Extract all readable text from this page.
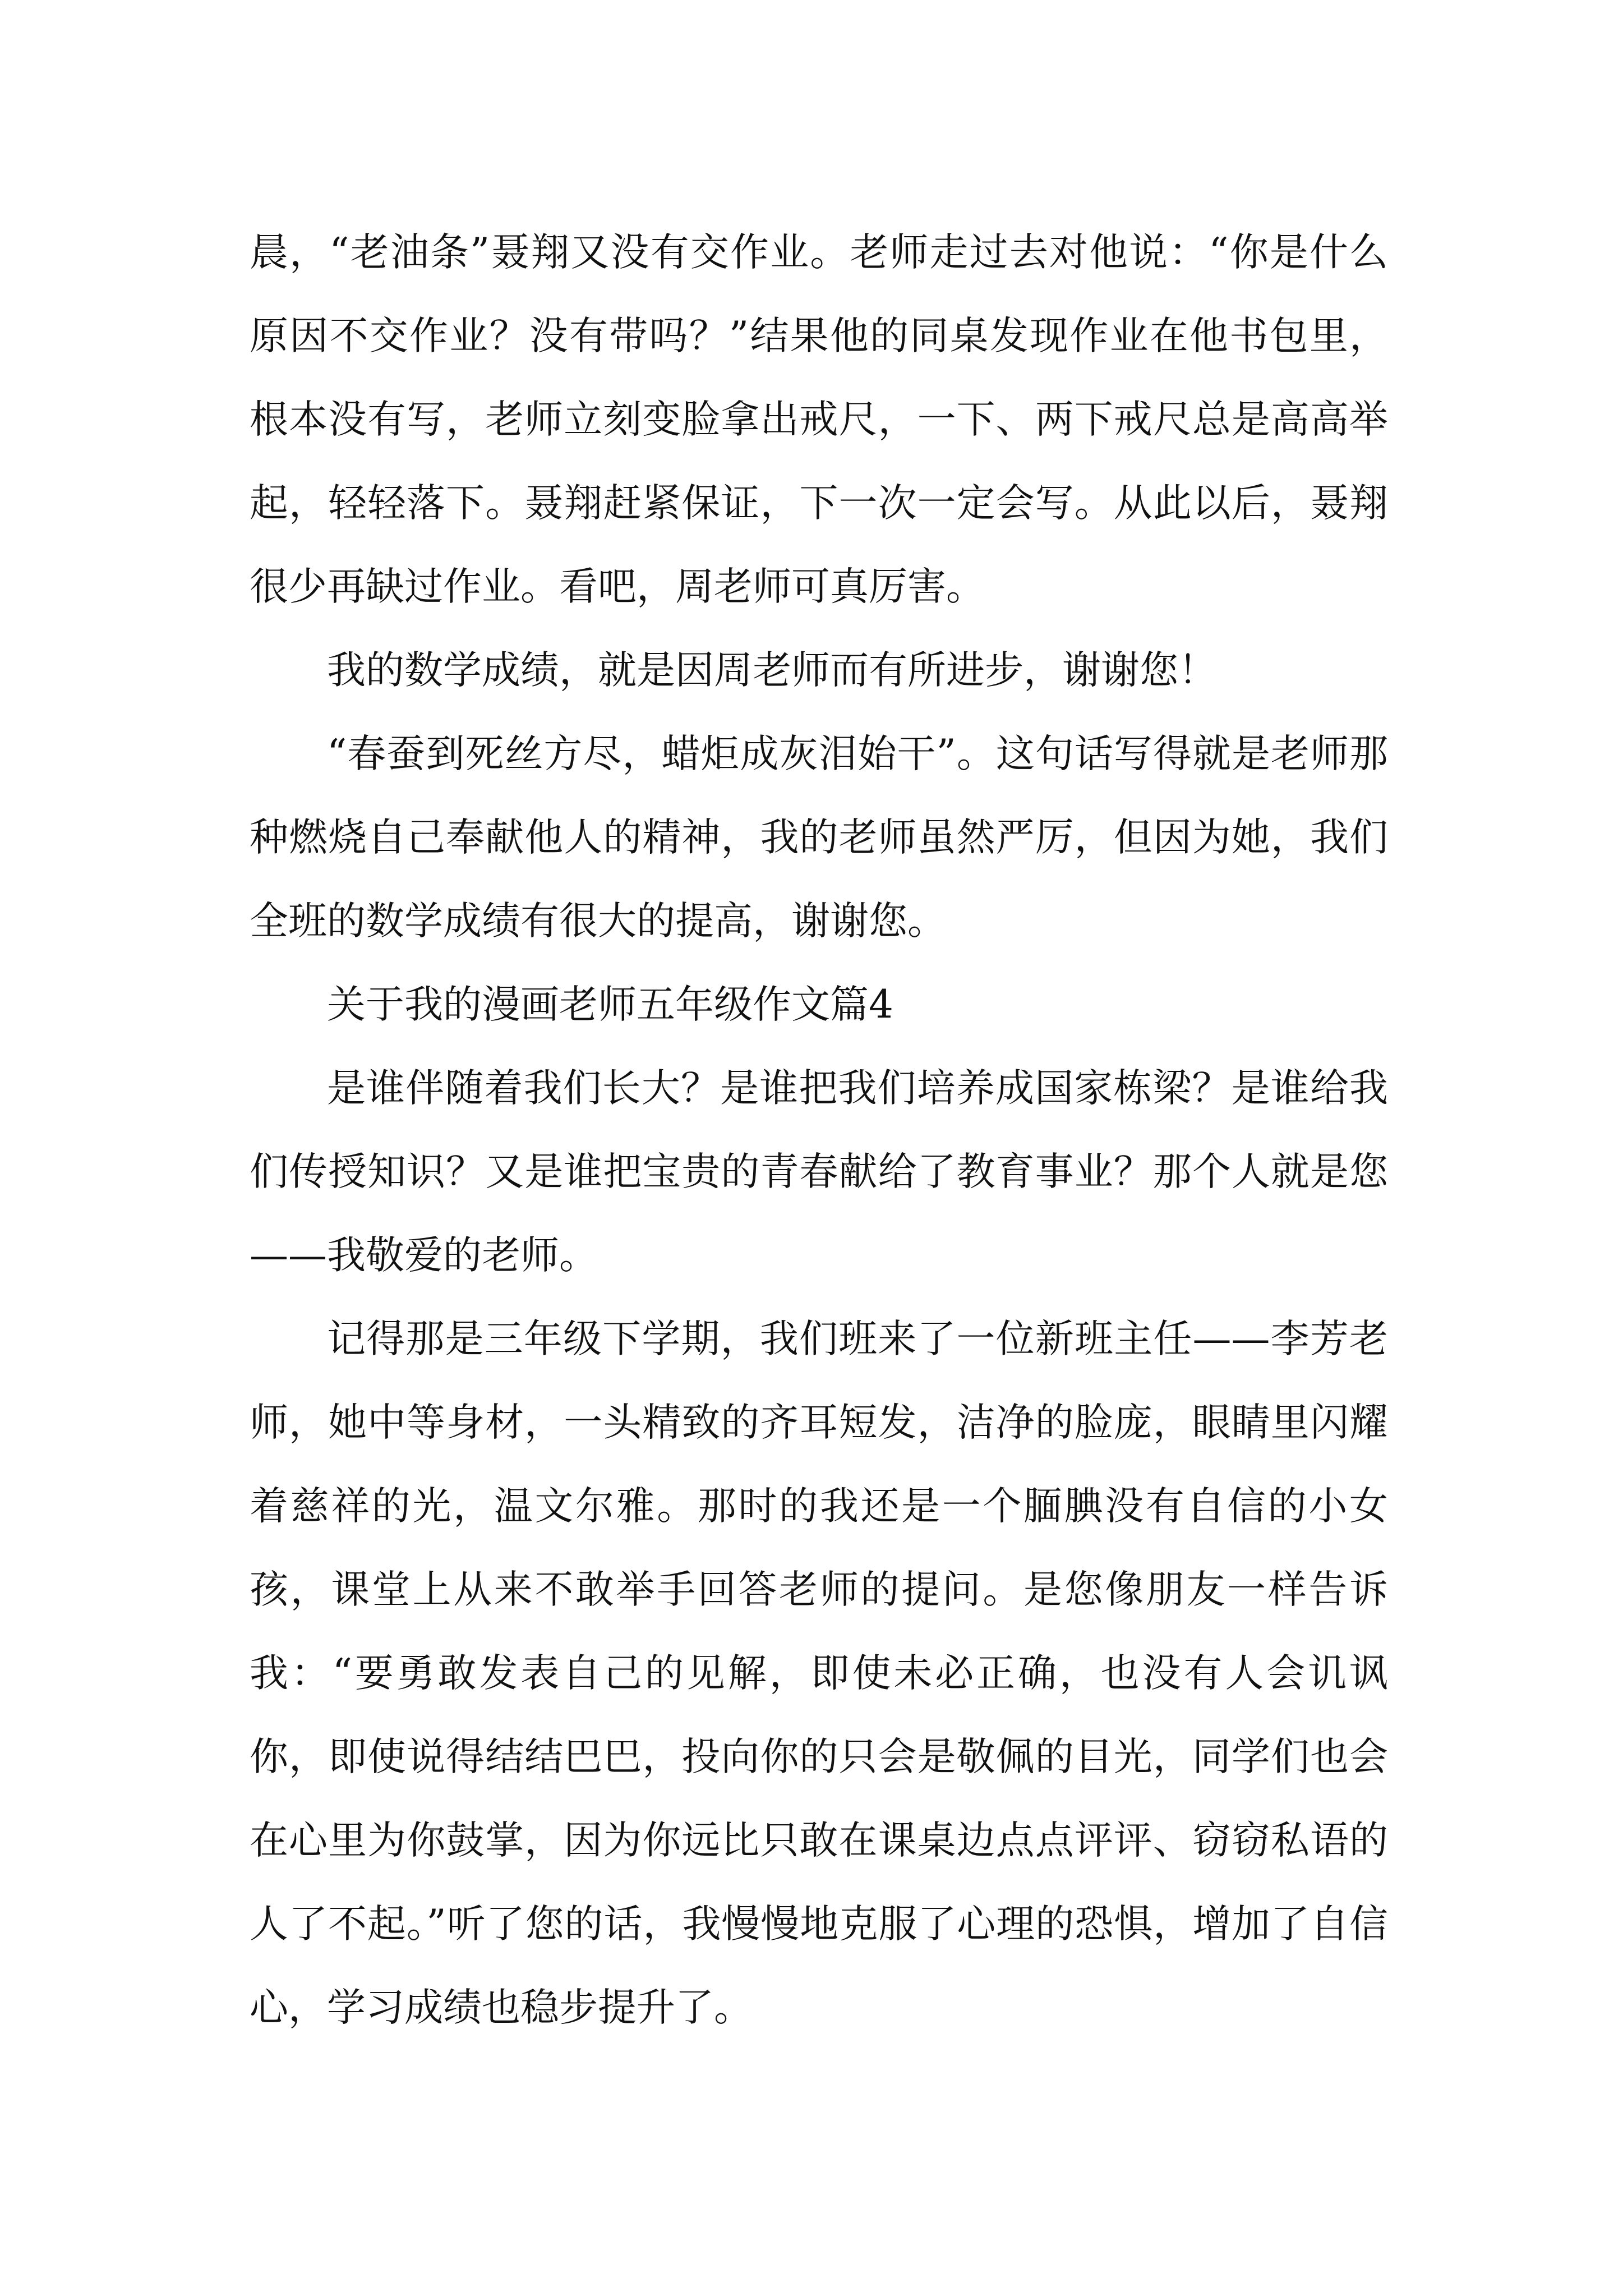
晨，“老油条”聂翔又没有交作业。老师走过去对他说：“你是什么原因不交作业？没有带吗？”结果他的同桌发现作业在他书包里，根本没有写，老师立刻变脸拿出戒尺，一下、两下戒尺总是高高举起，轻轻落下。聂翔赶紧保证，下一次一定会写。从此以后，聂翔很少再缺过作业。看吧，周老师可真厉害。

我的数学成绩，就是因周老师而有所进步，谢谢您！

“春蚕到死丝方尽，蜡炬成灰泪始干”。这句话写得就是老师那种燃烧自己奉献他人的精神，我的老师虽然严厉，但因为她，我们全班的数学成绩有很大的提高，谢谢您。

关于我的漫画老师五年级作文篇4

是谁伴随着我们长大？是谁把我们培养成国家栋梁？是谁给我们传授知识？又是谁把宝贵的青春献给了教育事业？那个人就是您——我敬爱的老师。

记得那是三年级下学期，我们班来了一位新班主任——李芳老师，她中等身材，一头精致的齐耳短发，洁净的脸庞，眼睛里闪耀着慈祥的光，温文尔雅。那时的我还是一个腼腆没有自信的小女孩，课堂上从来不敢举手回答老师的提问。是您像朋友一样告诉我：“要勇敢发表自己的见解，即使未必正确，也没有人会讥讽你，即使说得结结巴巴，投向你的只会是敬佩的目光，同学们也会在心里为你鼓掌，因为你远比只敢在课桌边点点评评、窃窃私语的人了不起。”听了您的话，我慢慢地克服了心理的恐惧，增加了自信心，学习成绩也稳步提升了。
